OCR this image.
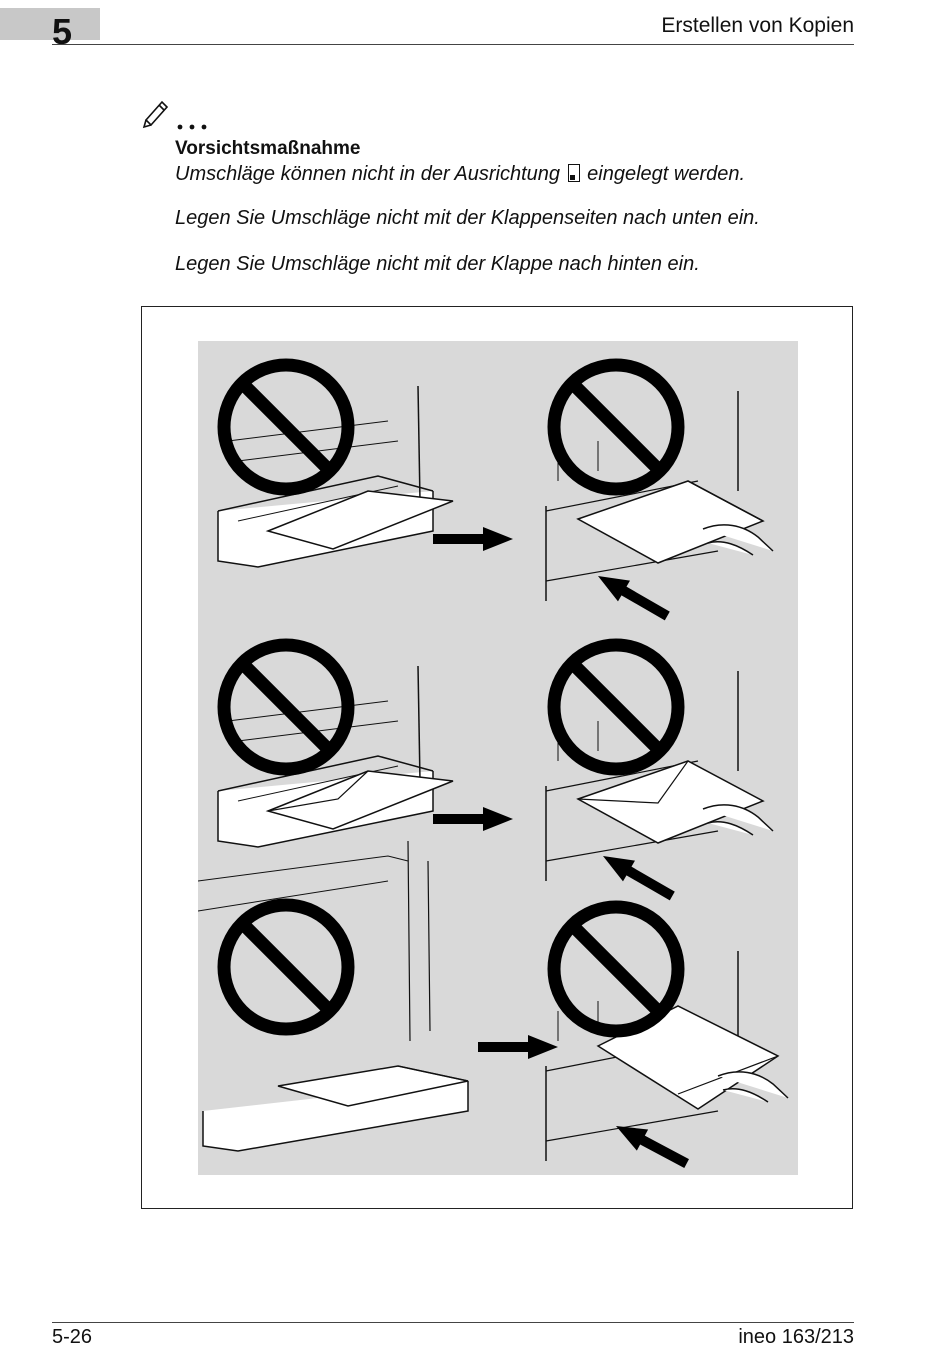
5	Erstellen von Kopien
Vorsichtsmaßnahme
Umschläge können nicht in der Ausrichtung eingelegt werden.
Legen Sie Umschläge nicht mit der Klappenseiten nach unten ein.
Legen Sie Umschläge nicht mit der Klappe nach hinten ein.
5-26	ineo 163/213
